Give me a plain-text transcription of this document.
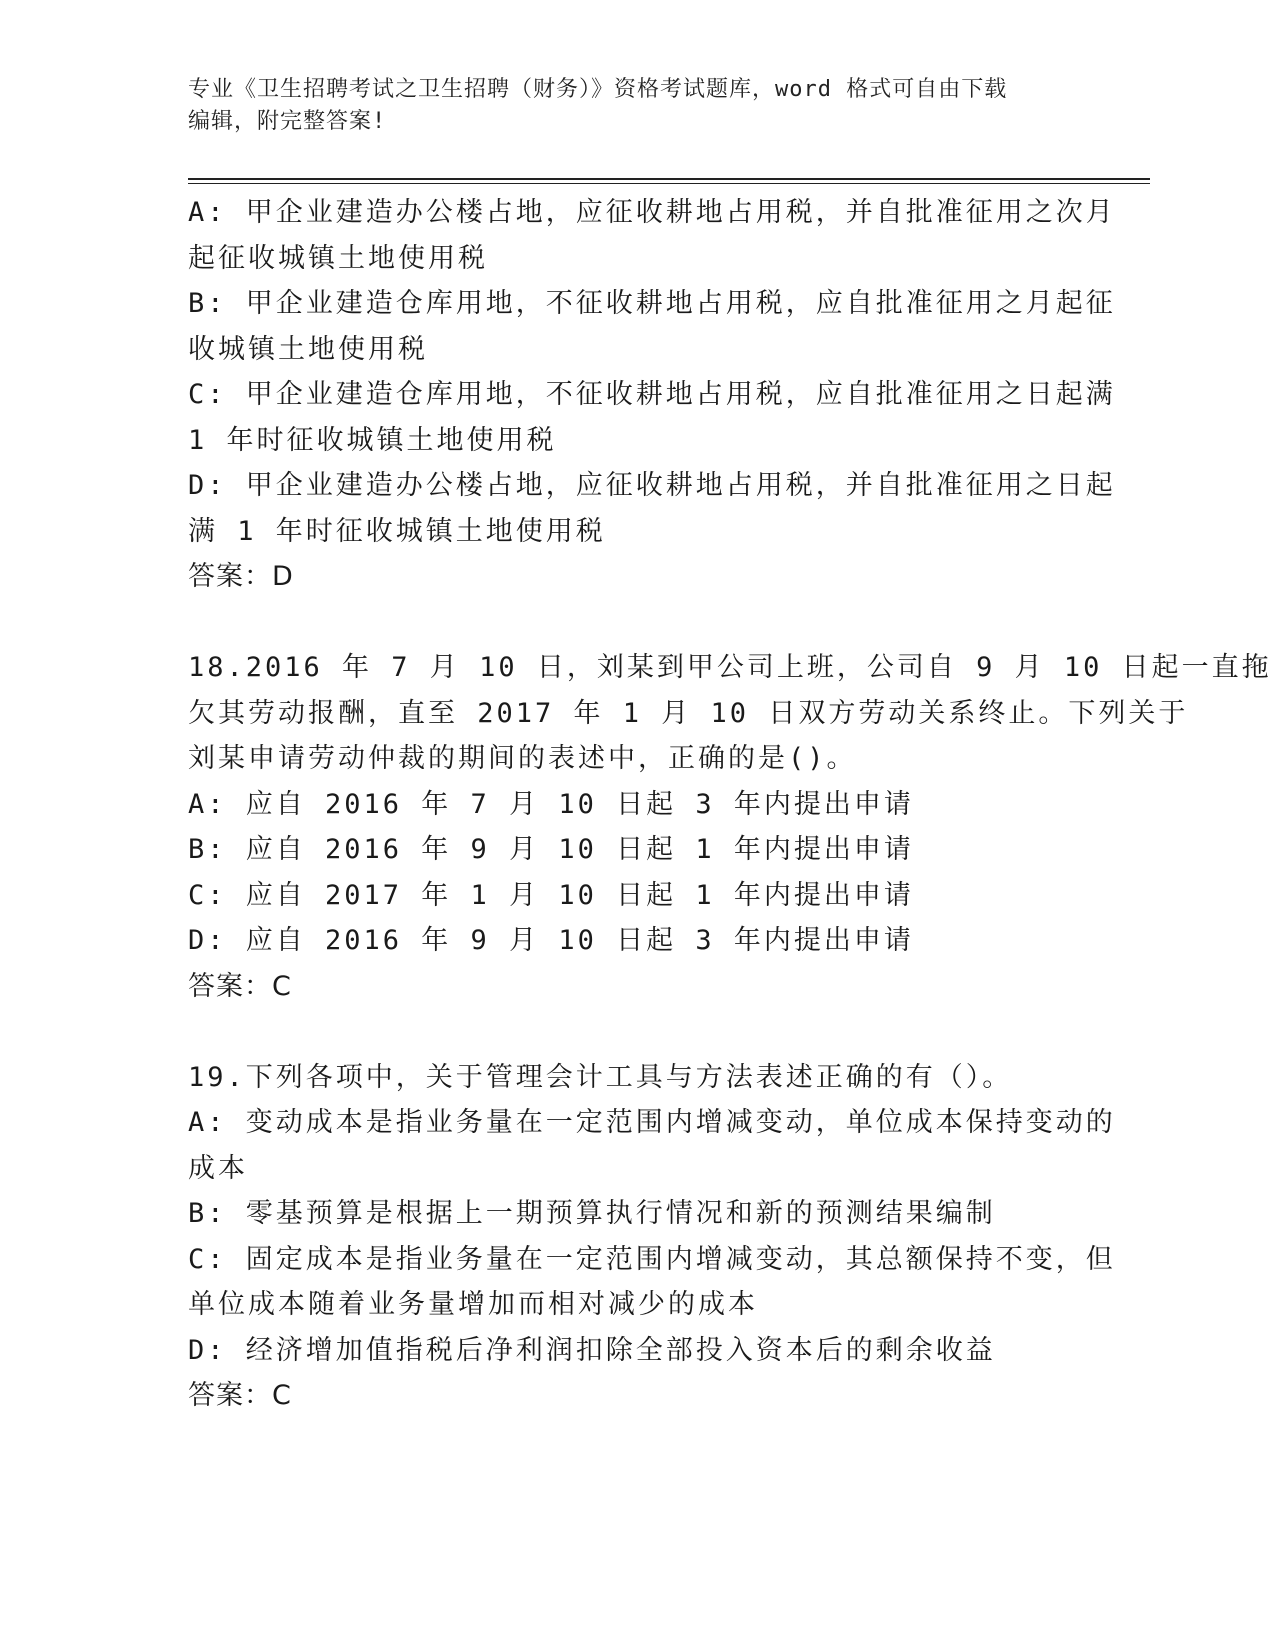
专业《卫生招聘考试之卫生招聘（财务）》资格考试题库，word 格式可自由下载
编辑，附完整答案!
A: 甲企业建造办公楼占地，应征收耕地占用税，并自批准征用之次月
起征收城镇土地使用税
B: 甲企业建造仓库用地，不征收耕地占用税，应自批准征用之月起征
收城镇土地使用税
C: 甲企业建造仓库用地，不征收耕地占用税，应自批准征用之日起满
1 年时征收城镇土地使用税
D: 甲企业建造办公楼占地，应征收耕地占用税，并自批准征用之日起
满 1 年时征收城镇土地使用税
答案：D
18.2016 年 7 月 10 日，刘某到甲公司上班，公司自 9 月 10 日起一直拖
欠其劳动报酬，直至 2017 年 1 月 10 日双方劳动关系终止。下列关于
刘某申请劳动仲裁的期间的表述中，正确的是()。
A: 应自 2016 年 7 月 10 日起 3 年内提出申请
B: 应自 2016 年 9 月 10 日起 1 年内提出申请
C: 应自 2017 年 1 月 10 日起 1 年内提出申请
D: 应自 2016 年 9 月 10 日起 3 年内提出申请
答案：C
19.下列各项中，关于管理会计工具与方法表述正确的有（）。
A: 变动成本是指业务量在一定范围内增减变动，单位成本保持变动的
成本
B: 零基预算是根据上一期预算执行情况和新的预测结果编制
C: 固定成本是指业务量在一定范围内增减变动，其总额保持不变，但
单位成本随着业务量增加而相对减少的成本
D: 经济增加值指税后净利润扣除全部投入资本后的剩余收益
答案：C
